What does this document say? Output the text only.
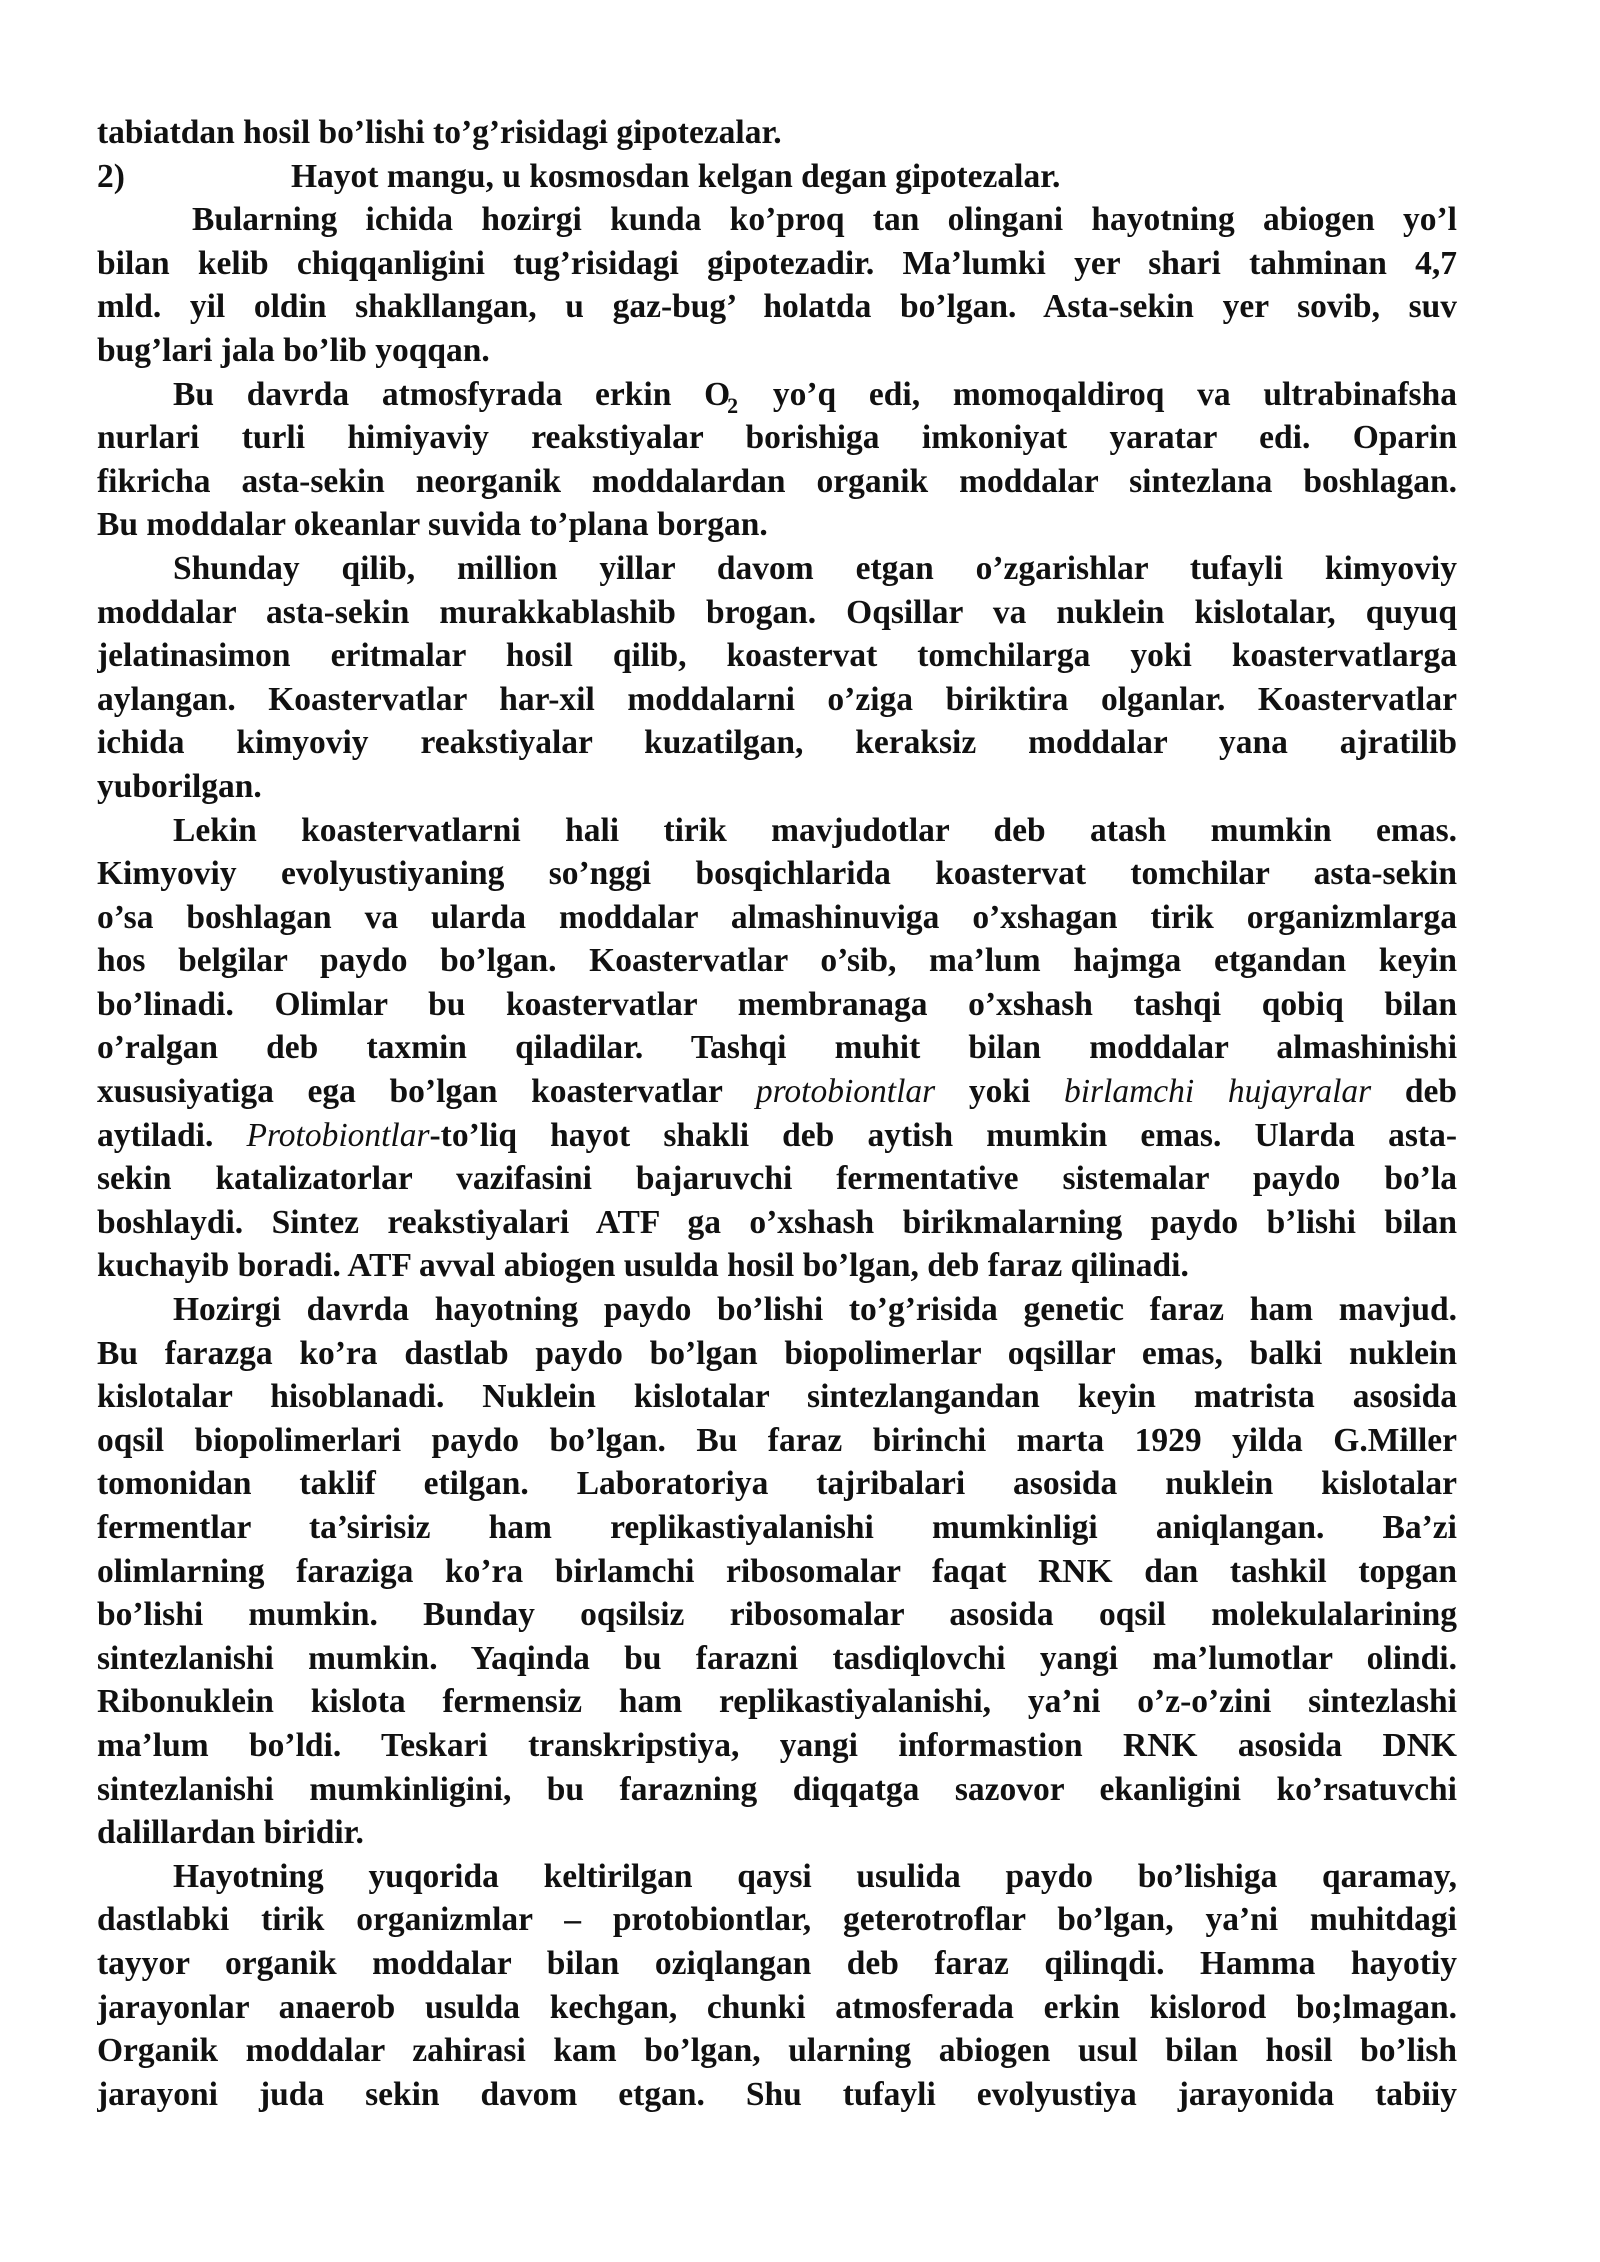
tabiatdan hosil bo’lishi to’g’risidagi gipotezalar.
2)	Hayot mangu, u kosmosdan kelgan degan gipotezalar.
Bularning ichida hozirgi kunda ko’proq tan olingani hayotning abiogen yo’l
bilan kelib chiqqanligini tug’risidagi gipotezadir. Ma’lumki yer shari tahminan 4,7
mld. yil oldin shakllangan, u gaz-bug’ holatda bo’lgan. Asta-sekin yer sovib, suv
bug’lari jala bo’lib yoqqan.
Bu davrda atmosfyrada erkin $O_2$ yo’q edi, momoqaldiroq va ultrabinafsha
nurlari turli himiyaviy reakstiyalar borishiga imkoniyat yaratar edi. Oparin
fikricha asta-sekin neorganik moddalardan organik moddalar sintezlana boshlagan.
Bu moddalar okeanlar suvida to’plana borgan.
Shunday qilib, million yillar davom etgan o’zgarishlar tufayli kimyoviy
moddalar asta-sekin murakkablashib brogan. Oqsillar va nuklein kislotalar, quyuq
jelatinasimon eritmalar hosil qilib, koastervat tomchilarga yoki koastervatlarga
aylangan. Koastervatlar har-xil moddalarni o’ziga biriktira olganlar. Koastervatlar
ichida kimyoviy reakstiyalar kuzatilgan, keraksiz moddalar yana ajratilib
yuborilgan.
Lekin koastervatlarni hali tirik mavjudotlar deb atash mumkin emas.
Kimyoviy evolyustiyaning so’nggi bosqichlarida koastervat tomchilar asta-sekin
o’sa boshlagan va ularda moddalar almashinuviga o’xshagan tirik organizmlarga
hos belgilar paydo bo’lgan. Koastervatlar o’sib, ma’lum hajmga etgandan keyin
bo’linadi. Olimlar bu koastervatlar membranaga o’xshash tashqi qobiq bilan
o’ralgan deb taxmin qiladilar. Tashqi muhit bilan moddalar almashinishi
xususiyatiga ega bo’lgan koastervatlar protobiontlar yoki birlamchi hujayralar deb
aytiladi. Protobiontlar-to’liq hayot shakli deb aytish mumkin emas. Ularda asta-
sekin katalizatorlar vazifasini bajaruvchi fermentative sistemalar paydo bo’la
boshlaydi. Sintez reakstiyalari ATF ga o’xshash birikmalarning paydo b’lishi bilan
kuchayib boradi. ATF avval abiogen usulda hosil bo’lgan, deb faraz qilinadi.
Hozirgi davrda hayotning paydo bo’lishi to’g’risida genetic faraz ham mavjud.
Bu farazga ko’ra dastlab paydo bo’lgan biopolimerlar oqsillar emas, balki nuklein
kislotalar hisoblanadi. Nuklein kislotalar sintezlangandan keyin matrista asosida
oqsil biopolimerlari paydo bo’lgan. Bu faraz birinchi marta 1929 yilda G.Miller
tomonidan taklif etilgan. Laboratoriya tajribalari asosida nuklein kislotalar
fermentlar ta’sirisiz ham replikastiyalanishi mumkinligi aniqlangan. Ba’zi
olimlarning faraziga ko’ra birlamchi ribosomalar faqat RNK dan tashkil topgan
bo’lishi mumkin. Bunday oqsilsiz ribosomalar asosida oqsil molekulalarining
sintezlanishi mumkin. Yaqinda bu farazni tasdiqlovchi yangi ma’lumotlar olindi.
Ribonuklein kislota fermensiz ham replikastiyalanishi, ya’ni o’z-o’zini sintezlashi
ma’lum bo’ldi. Teskari transkripstiya, yangi informastion RNK asosida DNK
sintezlanishi mumkinligini, bu farazning diqqatga sazovor ekanligini ko’rsatuvchi
dalillardan biridir.
Hayotning yuqorida keltirilgan qaysi usulida paydo bo’lishiga qaramay,
dastlabki tirik organizmlar – protobiontlar, geterotroflar bo’lgan, ya’ni muhitdagi
tayyor organik moddalar bilan oziqlangan deb faraz qilinqdi. Hamma hayotiy
jarayonlar anaerob usulda kechgan, chunki atmosferada erkin kislorod bo;lmagan.
Organik moddalar zahirasi kam bo’lgan, ularning abiogen usul bilan hosil bo’lish
jarayoni juda sekin davom etgan. Shu tufayli evolyustiya jarayonida tabiiy
